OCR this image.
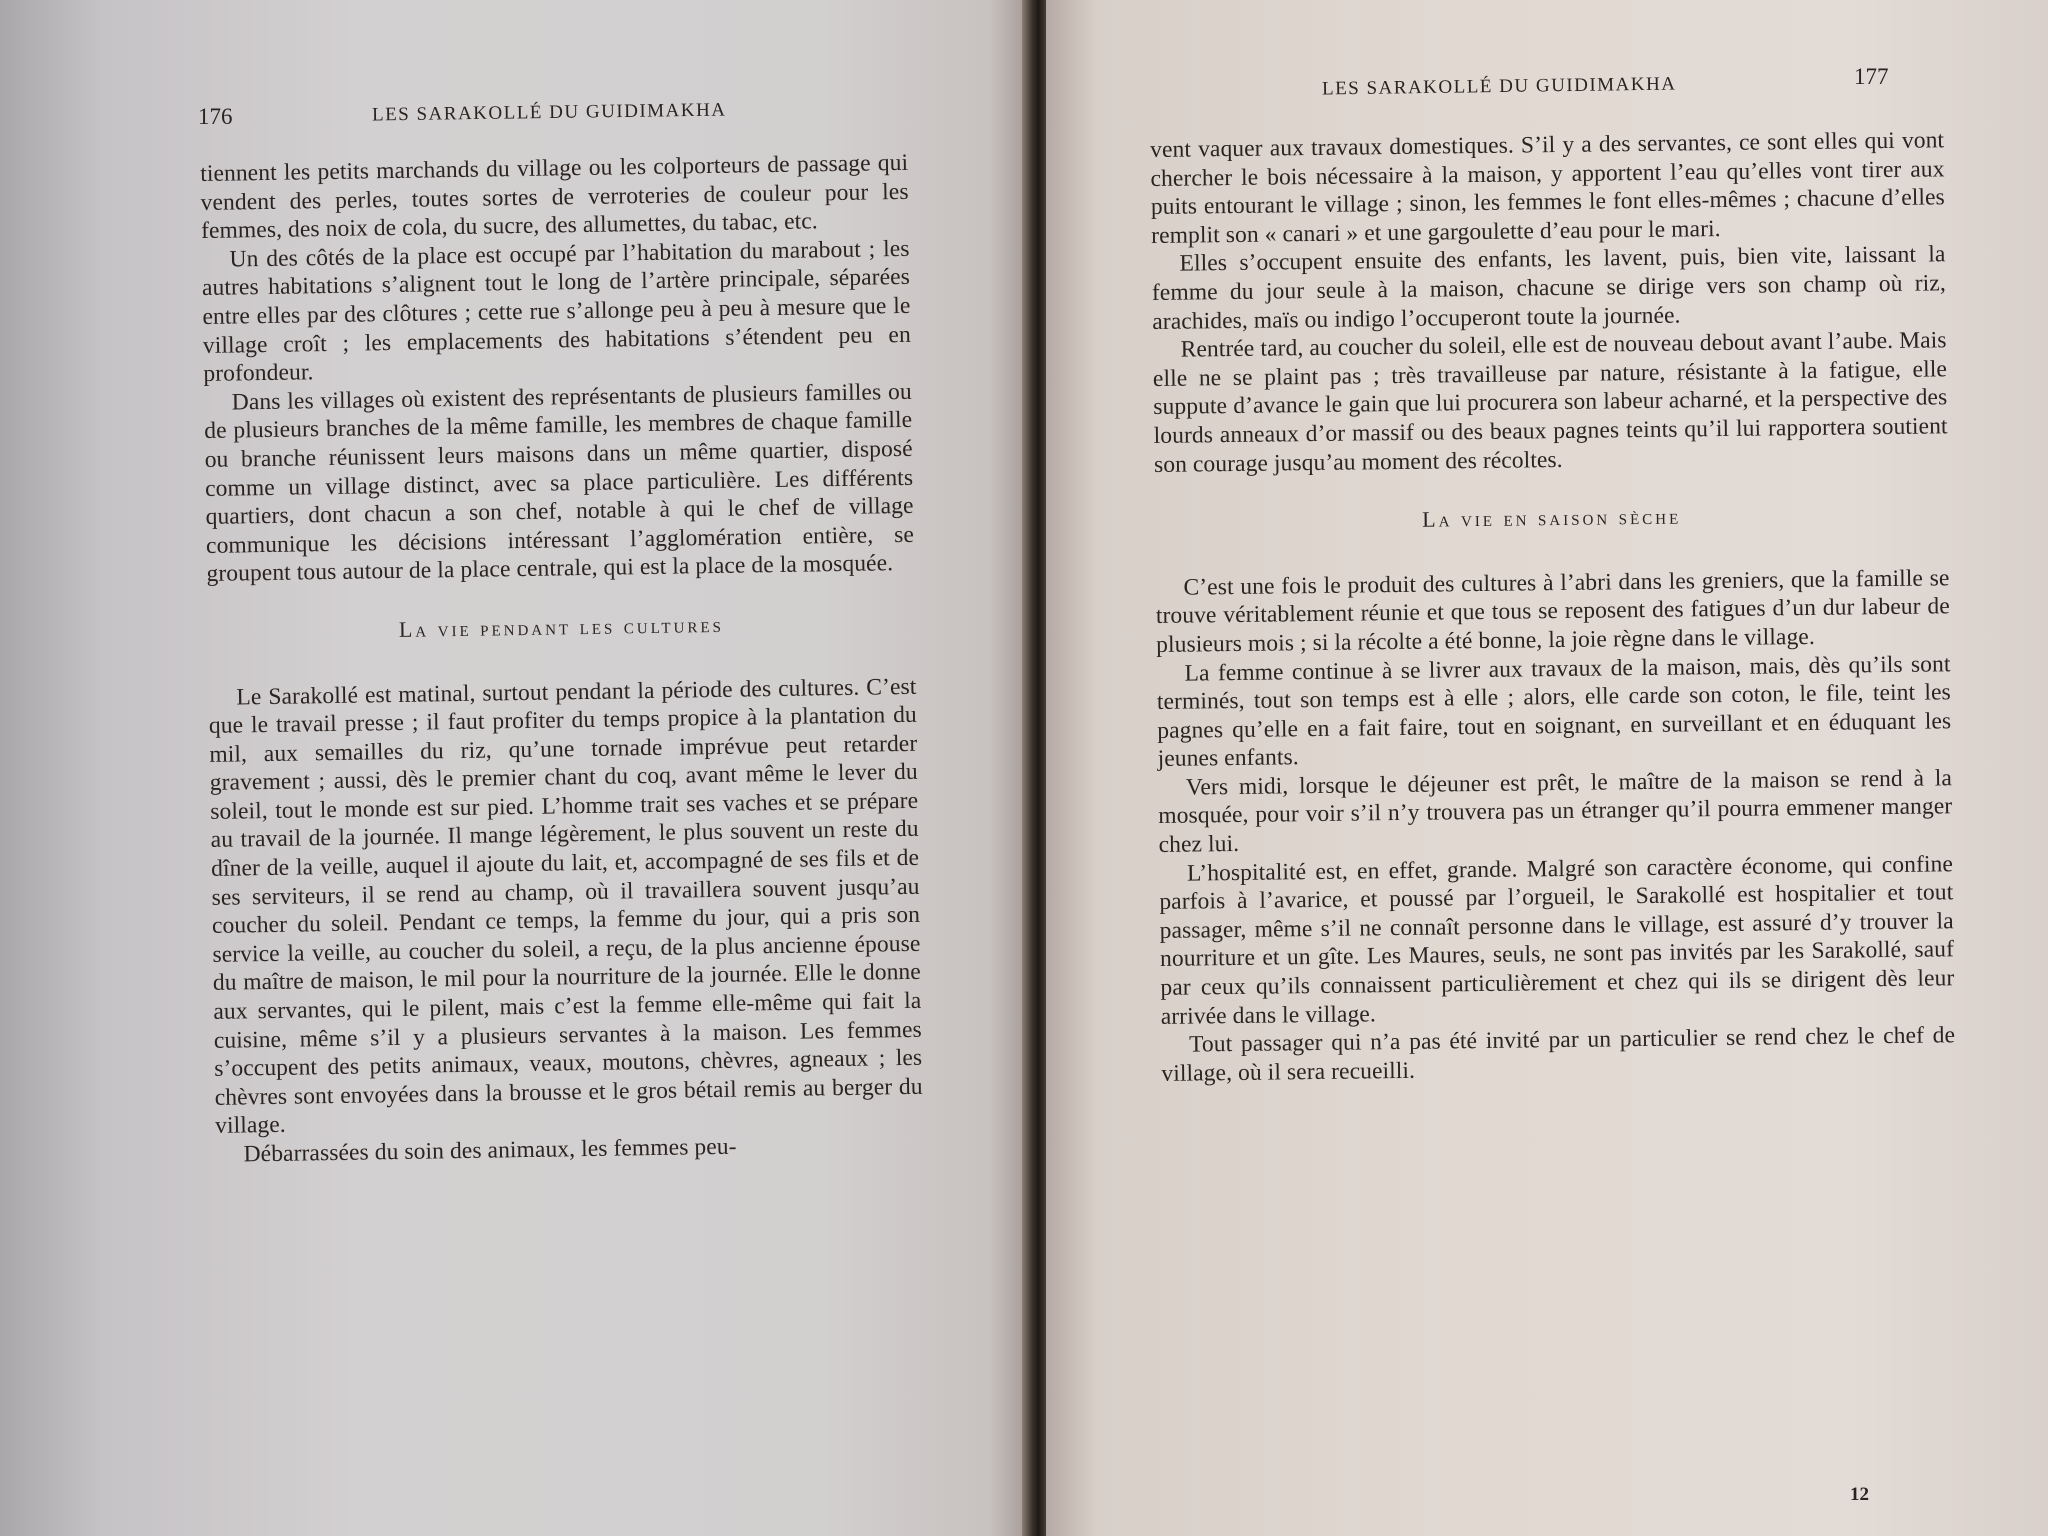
176	LES SARAKOLLÉ DU GUIDIMAKHA

tiennent les petits marchands du village ou les colporteurs de passage qui vendent des perles, toutes sortes de verroteries de couleur pour les femmes, des noix de cola, du sucre, des allumettes, du tabac, etc.

Un des côtés de la place est occupé par l’habitation du marabout ; les autres habitations s’alignent tout le long de l’artère principale, séparées entre elles par des clôtures ; cette rue s’allonge peu à peu à mesure que le village croît ; les emplacements des habitations s’étendent peu en profondeur.

Dans les villages où existent des représentants de plusieurs familles ou de plusieurs branches de la même famille, les membres de chaque famille ou branche réunissent leurs maisons dans un même quartier, disposé comme un village distinct, avec sa place particulière. Les différents quartiers, dont chacun a son chef, notable à qui le chef de village communique les décisions intéressant l’agglomération entière, se groupent tous autour de la place centrale, qui est la place de la mosquée.

La vie pendant les cultures

Le Sarakollé est matinal, surtout pendant la période des cultures. C’est que le travail presse ; il faut profiter du temps propice à la plantation du mil, aux semailles du riz, qu’une tornade imprévue peut retarder gravement ; aussi, dès le premier chant du coq, avant même le lever du soleil, tout le monde est sur pied. L’homme trait ses vaches et se prépare au travail de la journée. Il mange légèrement, le plus souvent un reste du dîner de la veille, auquel il ajoute du lait, et, accompagné de ses fils et de ses serviteurs, il se rend au champ, où il travaillera souvent jusqu’au coucher du soleil. Pendant ce temps, la femme du jour, qui a pris son service la veille, au coucher du soleil, a reçu, de la plus ancienne épouse du maître de maison, le mil pour la nourriture de la journée. Elle le donne aux servantes, qui le pilent, mais c’est la femme elle-même qui fait la cuisine, même s’il y a plusieurs servantes à la maison. Les femmes s’occupent des petits animaux, veaux, moutons, chèvres, agneaux ; les chèvres sont envoyées dans la brousse et le gros bétail remis au berger du village.

Débarrassées du soin des animaux, les femmes peu-

LES SARAKOLLÉ DU GUIDIMAKHA	177

vent vaquer aux travaux domestiques. S’il y a des servantes, ce sont elles qui vont chercher le bois nécessaire à la maison, y apportent l’eau qu’elles vont tirer aux puits entourant le village ; sinon, les femmes le font elles-mêmes ; chacune d’elles remplit son « canari » et une gargoulette d’eau pour le mari.

Elles s’occupent ensuite des enfants, les lavent, puis, bien vite, laissant la femme du jour seule à la maison, chacune se dirige vers son champ où riz, arachides, maïs ou indigo l’occuperont toute la journée.

Rentrée tard, au coucher du soleil, elle est de nouveau debout avant l’aube. Mais elle ne se plaint pas ; très travailleuse par nature, résistante à la fatigue, elle suppute d’avance le gain que lui procurera son labeur acharné, et la perspective des lourds anneaux d’or massif ou des beaux pagnes teints qu’il lui rapportera soutient son courage jusqu’au moment des récoltes.

La vie en saison sèche

C’est une fois le produit des cultures à l’abri dans les greniers, que la famille se trouve véritablement réunie et que tous se reposent des fatigues d’un dur labeur de plusieurs mois ; si la récolte a été bonne, la joie règne dans le village.

La femme continue à se livrer aux travaux de la maison, mais, dès qu’ils sont terminés, tout son temps est à elle ; alors, elle carde son coton, le file, teint les pagnes qu’elle en a fait faire, tout en soignant, en surveillant et en éduquant les jeunes enfants.

Vers midi, lorsque le déjeuner est prêt, le maître de la maison se rend à la mosquée, pour voir s’il n’y trouvera pas un étranger qu’il pourra emmener manger chez lui.

L’hospitalité est, en effet, grande. Malgré son caractère économe, qui confine parfois à l’avarice, et poussé par l’orgueil, le Sarakollé est hospitalier et tout passager, même s’il ne connaît personne dans le village, est assuré d’y trouver la nourriture et un gîte. Les Maures, seuls, ne sont pas invités par les Sarakollé, sauf par ceux qu’ils connaissent particulièrement et chez qui ils se dirigent dès leur arrivée dans le village.

Tout passager qui n’a pas été invité par un particulier se rend chez le chef de village, où il sera recueilli.

12
